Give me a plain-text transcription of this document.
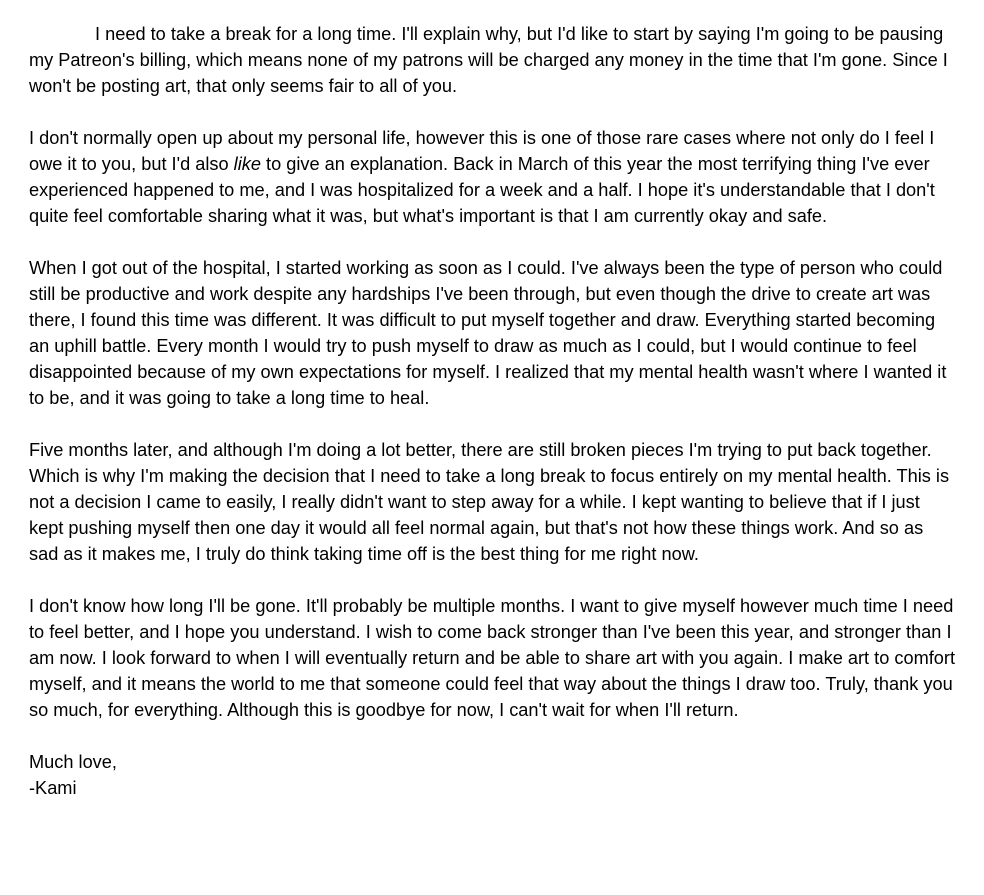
I need to take a break for a long time. I'll explain why, but I'd like to start by saying I'm going to be pausing my Patreon's billing, which means none of my patrons will be charged any money in the time that I'm gone. Since I won't be posting art, that only seems fair to all of you.

I don't normally open up about my personal life, however this is one of those rare cases where not only do I feel I owe it to you, but I'd also like to give an explanation. Back in March of this year the most terrifying thing I've ever experienced happened to me, and I was hospitalized for a week and a half. I hope it's understandable that I don't quite feel comfortable sharing what it was, but what's important is that I am currently okay and safe.

When I got out of the hospital, I started working as soon as I could. I've always been the type of person who could still be productive and work despite any hardships I've been through, but even though the drive to create art was there, I found this time was different. It was difficult to put myself together and draw. Everything started becoming an uphill battle. Every month I would try to push myself to draw as much as I could, but I would continue to feel disappointed because of my own expectations for myself. I realized that my mental health wasn't where I wanted it to be, and it was going to take a long time to heal.

Five months later, and although I'm doing a lot better, there are still broken pieces I'm trying to put back together. Which is why I'm making the decision that I need to take a long break to focus entirely on my mental health. This is not a decision I came to easily, I really didn't want to step away for a while. I kept wanting to believe that if I just kept pushing myself then one day it would all feel normal again, but that's not how these things work. And so as sad as it makes me, I truly do think taking time off is the best thing for me right now.

I don't know how long I'll be gone. It'll probably be multiple months. I want to give myself however much time I need to feel better, and I hope you understand. I wish to come back stronger than I've been this year, and stronger than I am now. I look forward to when I will eventually return and be able to share art with you again. I make art to comfort myself, and it means the world to me that someone could feel that way about the things I draw too. Truly, thank you so much, for everything. Although this is goodbye for now, I can't wait for when I'll return.

Much love,
-Kami
